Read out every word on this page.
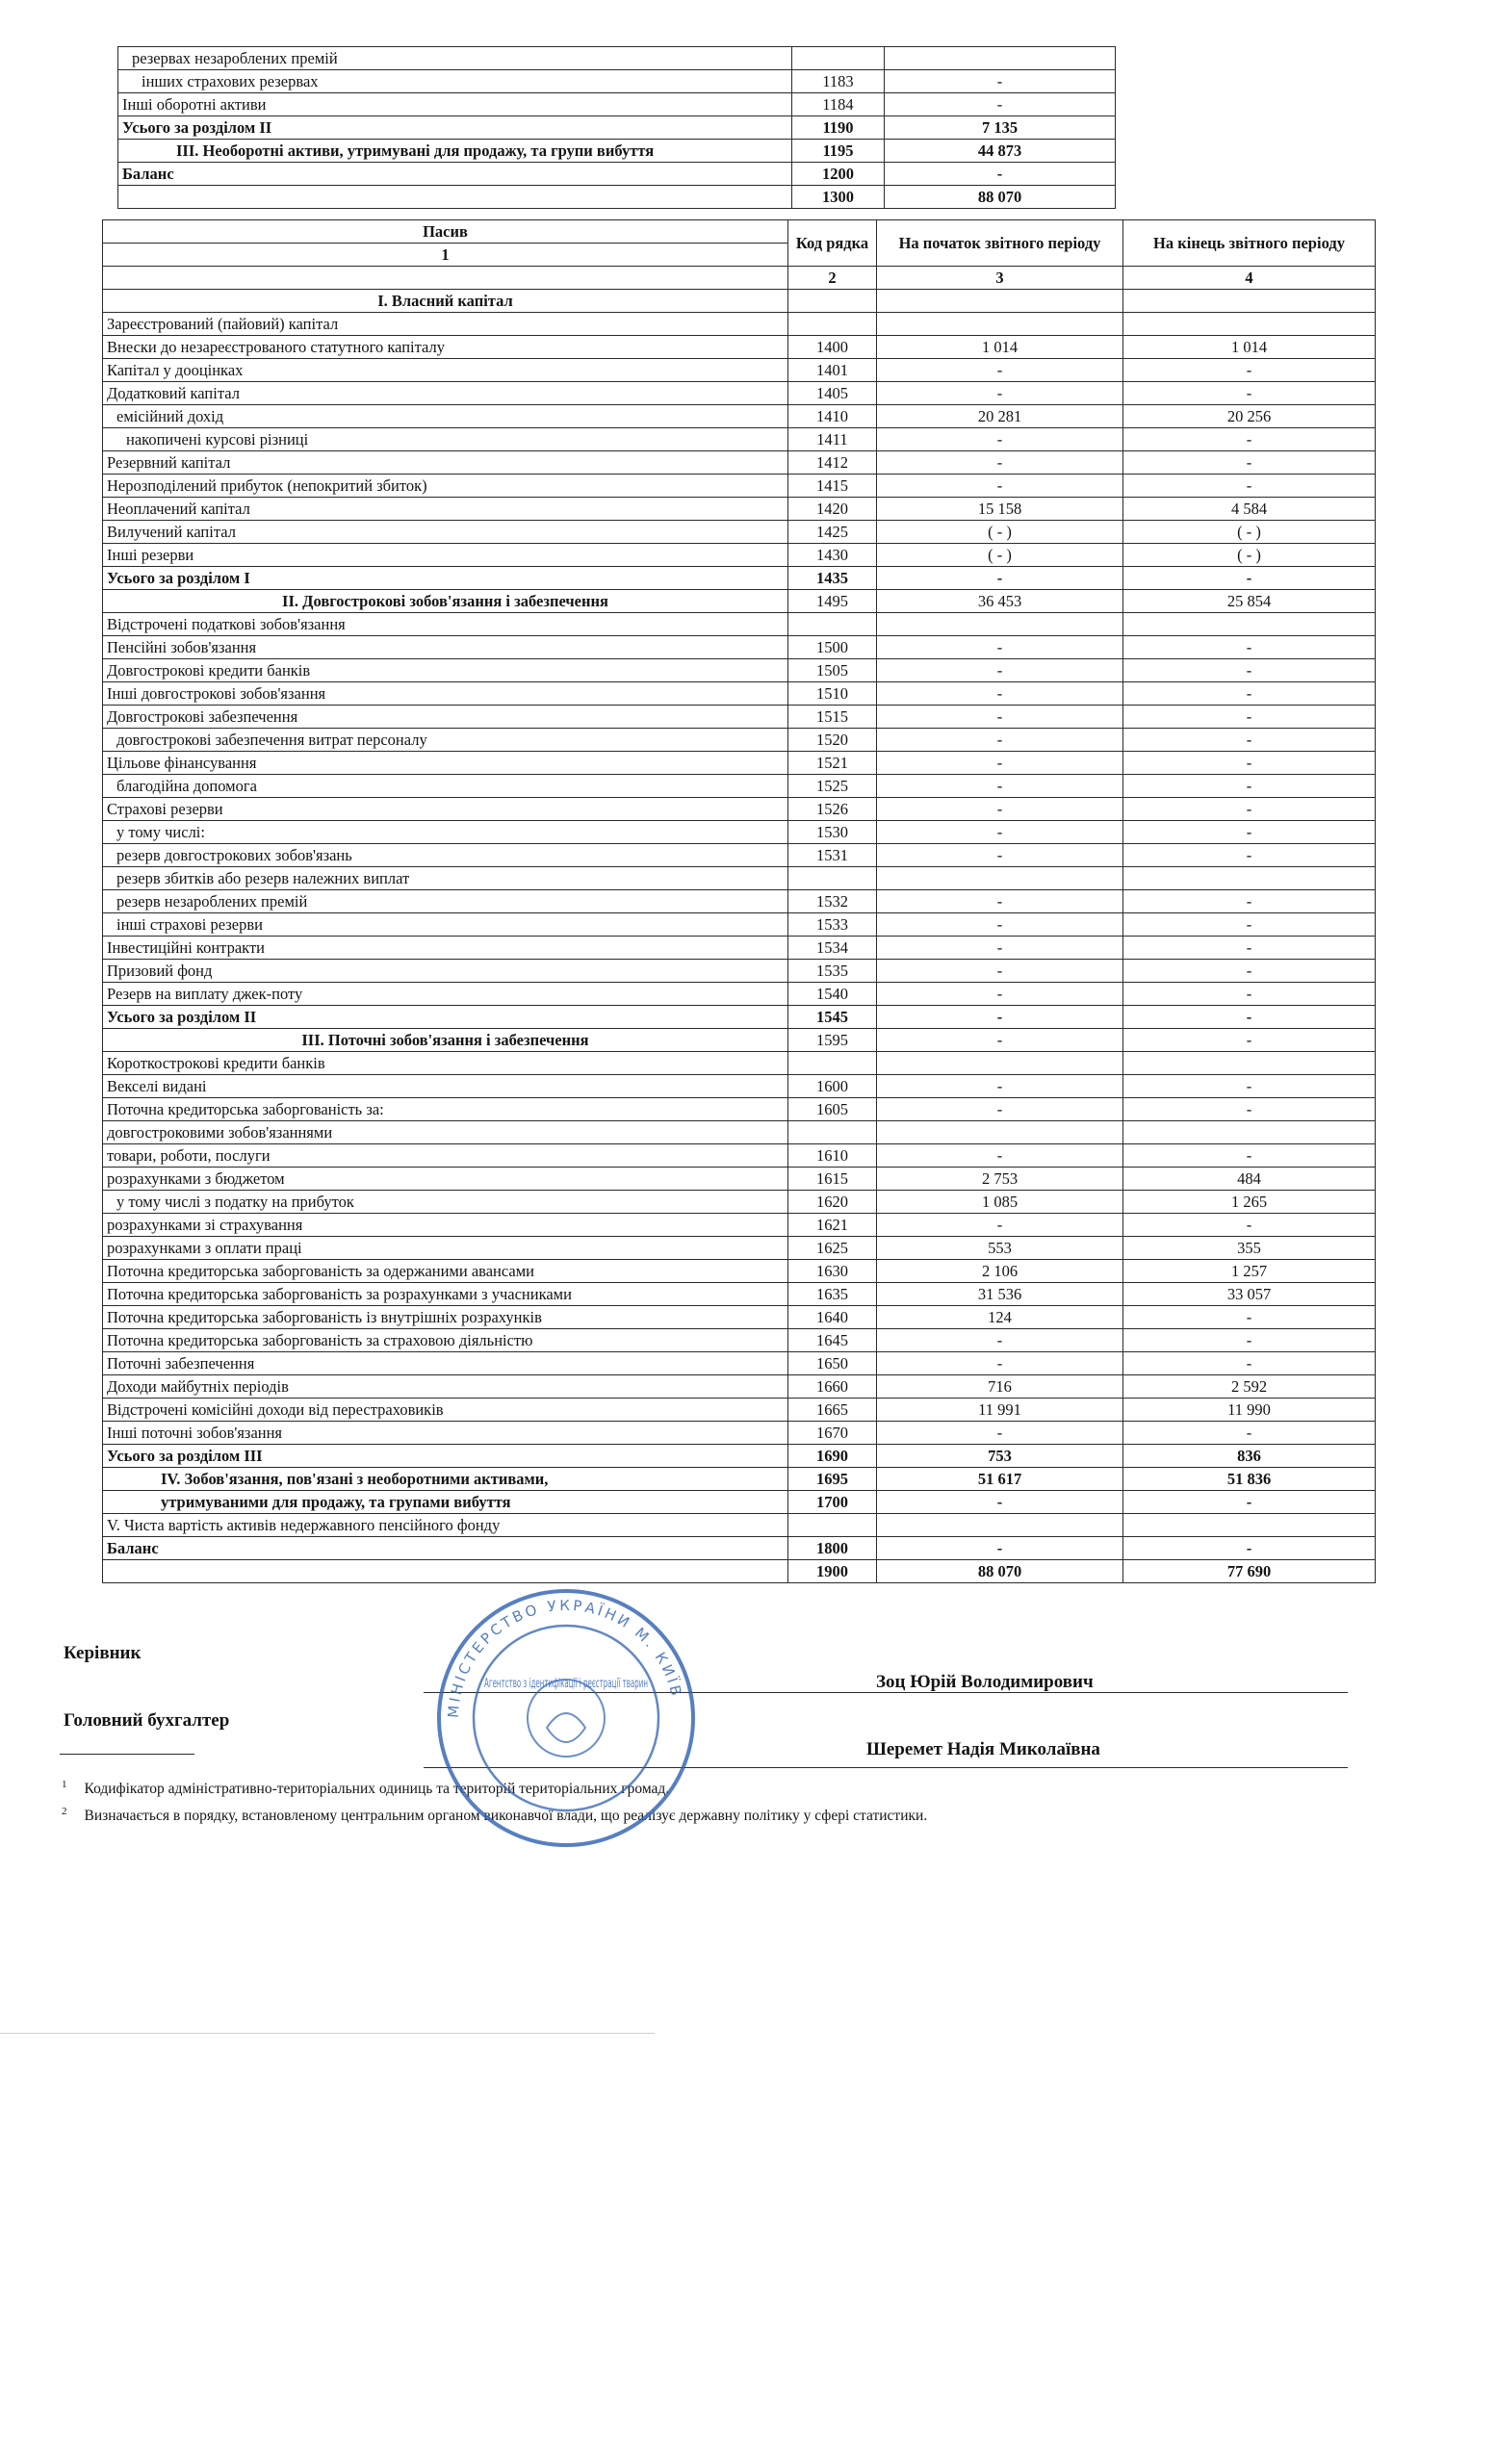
резервах незароблених премій			
інших страхових резервах	1183	-	
Інші оборотні активи	1184	-	
Усього за розділом ІІ	1190	7 135	
ІІІ. Необоротні активи, утримувані для продажу, та групи вибуття	1195	44 873	
Баланс	1200	-	
	1300	88 070	
Пасив	Код рядка	На початок звітного періоду	На кінець звітного періоду
1			
	2	3	4
І. Власний капітал			
Зареєстрований (пайовий) капітал			
Внески до незареєстрованого статутного капіталу	1400	1 014	1 014
Капітал у дооцінках	1401	-	-
Додатковий капітал	1405	-	-
емісійний дохід	1410	20 281	20 256
накопичені курсові різниці	1411	-	-
Резервний капітал	1412	-	-
Нерозподілений прибуток (непокритий збиток)	1415	-	-
Неоплачений капітал	1420	15 158	4 584
Вилучений капітал	1425	( - )	( - )
Інші резерви	1430	( - )	( - )
Усього за розділом І	1435	-	-
ІІ. Довгострокові зобов'язання і забезпечення	1495	36 453	25 854
Відстрочені податкові зобов'язання			
Пенсійні зобов'язання	1500	-	-
Довгострокові кредити банків	1505	-	-
Інші довгострокові зобов'язання	1510	-	-
Довгострокові забезпечення	1515	-	-
довгострокові забезпечення витрат персоналу	1520	-	-
Цільове фінансування	1521	-	-
благодійна допомога	1525	-	-
Страхові резерви	1526	-	-
у тому числі:	1530	-	-
резерв довгострокових зобов'язань	1531	-	-
резерв збитків або резерв належних виплат			
резерв незароблених премій	1532	-	-
інші страхові резерви	1533	-	-
Інвестиційні контракти	1534	-	-
Призовий фонд	1535	-	-
Резерв на виплату джек-поту	1540	-	-
Усього за розділом ІІ	1545	-	-
ІІІ. Поточні зобов'язання і забезпечення	1595	-	-
Короткострокові кредити банків			
Векселі видані	1600	-	-
Поточна кредиторська заборгованість за:	1605	-	-
довгостроковими зобов'язаннями			
товари, роботи, послуги	1610	-	-
розрахунками з бюджетом	1615	2 753	484
у тому числі з податку на прибуток	1620	1 085	1 265
розрахунками зі страхування	1621	-	-
розрахунками з оплати праці	1625	553	355
Поточна кредиторська заборгованість за одержаними авансами	1630	2 106	1 257
Поточна кредиторська заборгованість за розрахунками з учасниками	1635	31 536	33 057
Поточна кредиторська заборгованість із внутрішніх розрахунків	1640	124	-
Поточна кредиторська заборгованість за страховою діяльністю	1645	-	-
Поточні забезпечення	1650	-	-
Доходи майбутніх періодів	1660	716	2 592
Відстрочені комісійні доходи від перестраховиків	1665	11 991	11 990
Інші поточні зобов'язання	1670	-	-
Усього за розділом ІІІ	1690	753	836
IV. Зобов'язання, пов'язані з необоротними активами,	1695	51 617	51 836
утримуваними для продажу, та групами вибуття	1700	-	-
V. Чиста вартість активів недержавного пенсійного фонду			
Баланс	1800	-	-
	1900	88 070	77 690
Керівник
Зоц Юрій Володимирович
Головний бухгалтер
Шеремет Надія Миколаївна
$^1$ Кодифікатор адміністративно-територіальних одиниць та територій територіальних громад.
$^2$ Визначається в порядку, встановленому центральним органом виконавчої влади, що реалізує державну політику у сфері статистики.
МІНІСТЕРСТВО УКРАЇНИ М. КИЇВ
Агентство з ідентифікації і реєстрації тварин
